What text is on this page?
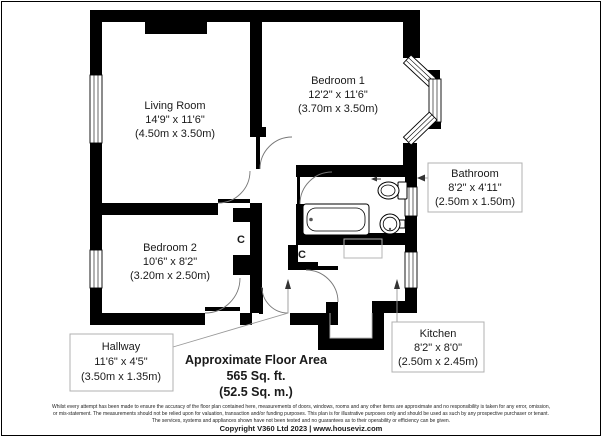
Living Room
14'9" x 11'6"
(4.50m x 3.50m)
Bedroom 1
12'2" x 11'6"
(3.70m x 3.50m)
Bedroom 2
10'6" x 8'2"
(3.20m x 2.50m)
C
C
Bathroom
8'2" x 4'11"
(2.50m x 1.50m)
Hallway
11'6" x 4'5"
(3.50m x 1.35m)
Kitchen
8'2" x 8'0"
(2.50m x 2.45m)
Approximate Floor Area
565 Sq. ft.
(52.5 Sq. m.)
Whilst every attempt has been made to ensure the accuracy of the floor plan contained here, measurements of doors, windows, rooms and any other items are approximate and no responsibility is taken for any error, omission,
or mis-statement. The measurements should not be relied upon for valuation, transaction and/or funding purposes. This plan is for illustrative purposes only and should be used as such by any prospective purchaser or tenant.
The services, systems and appliances shown have not been tested and no guarantees as to their operability or efficiency can be given.
Copyright V360 Ltd 2023 | www.houseviz.com
